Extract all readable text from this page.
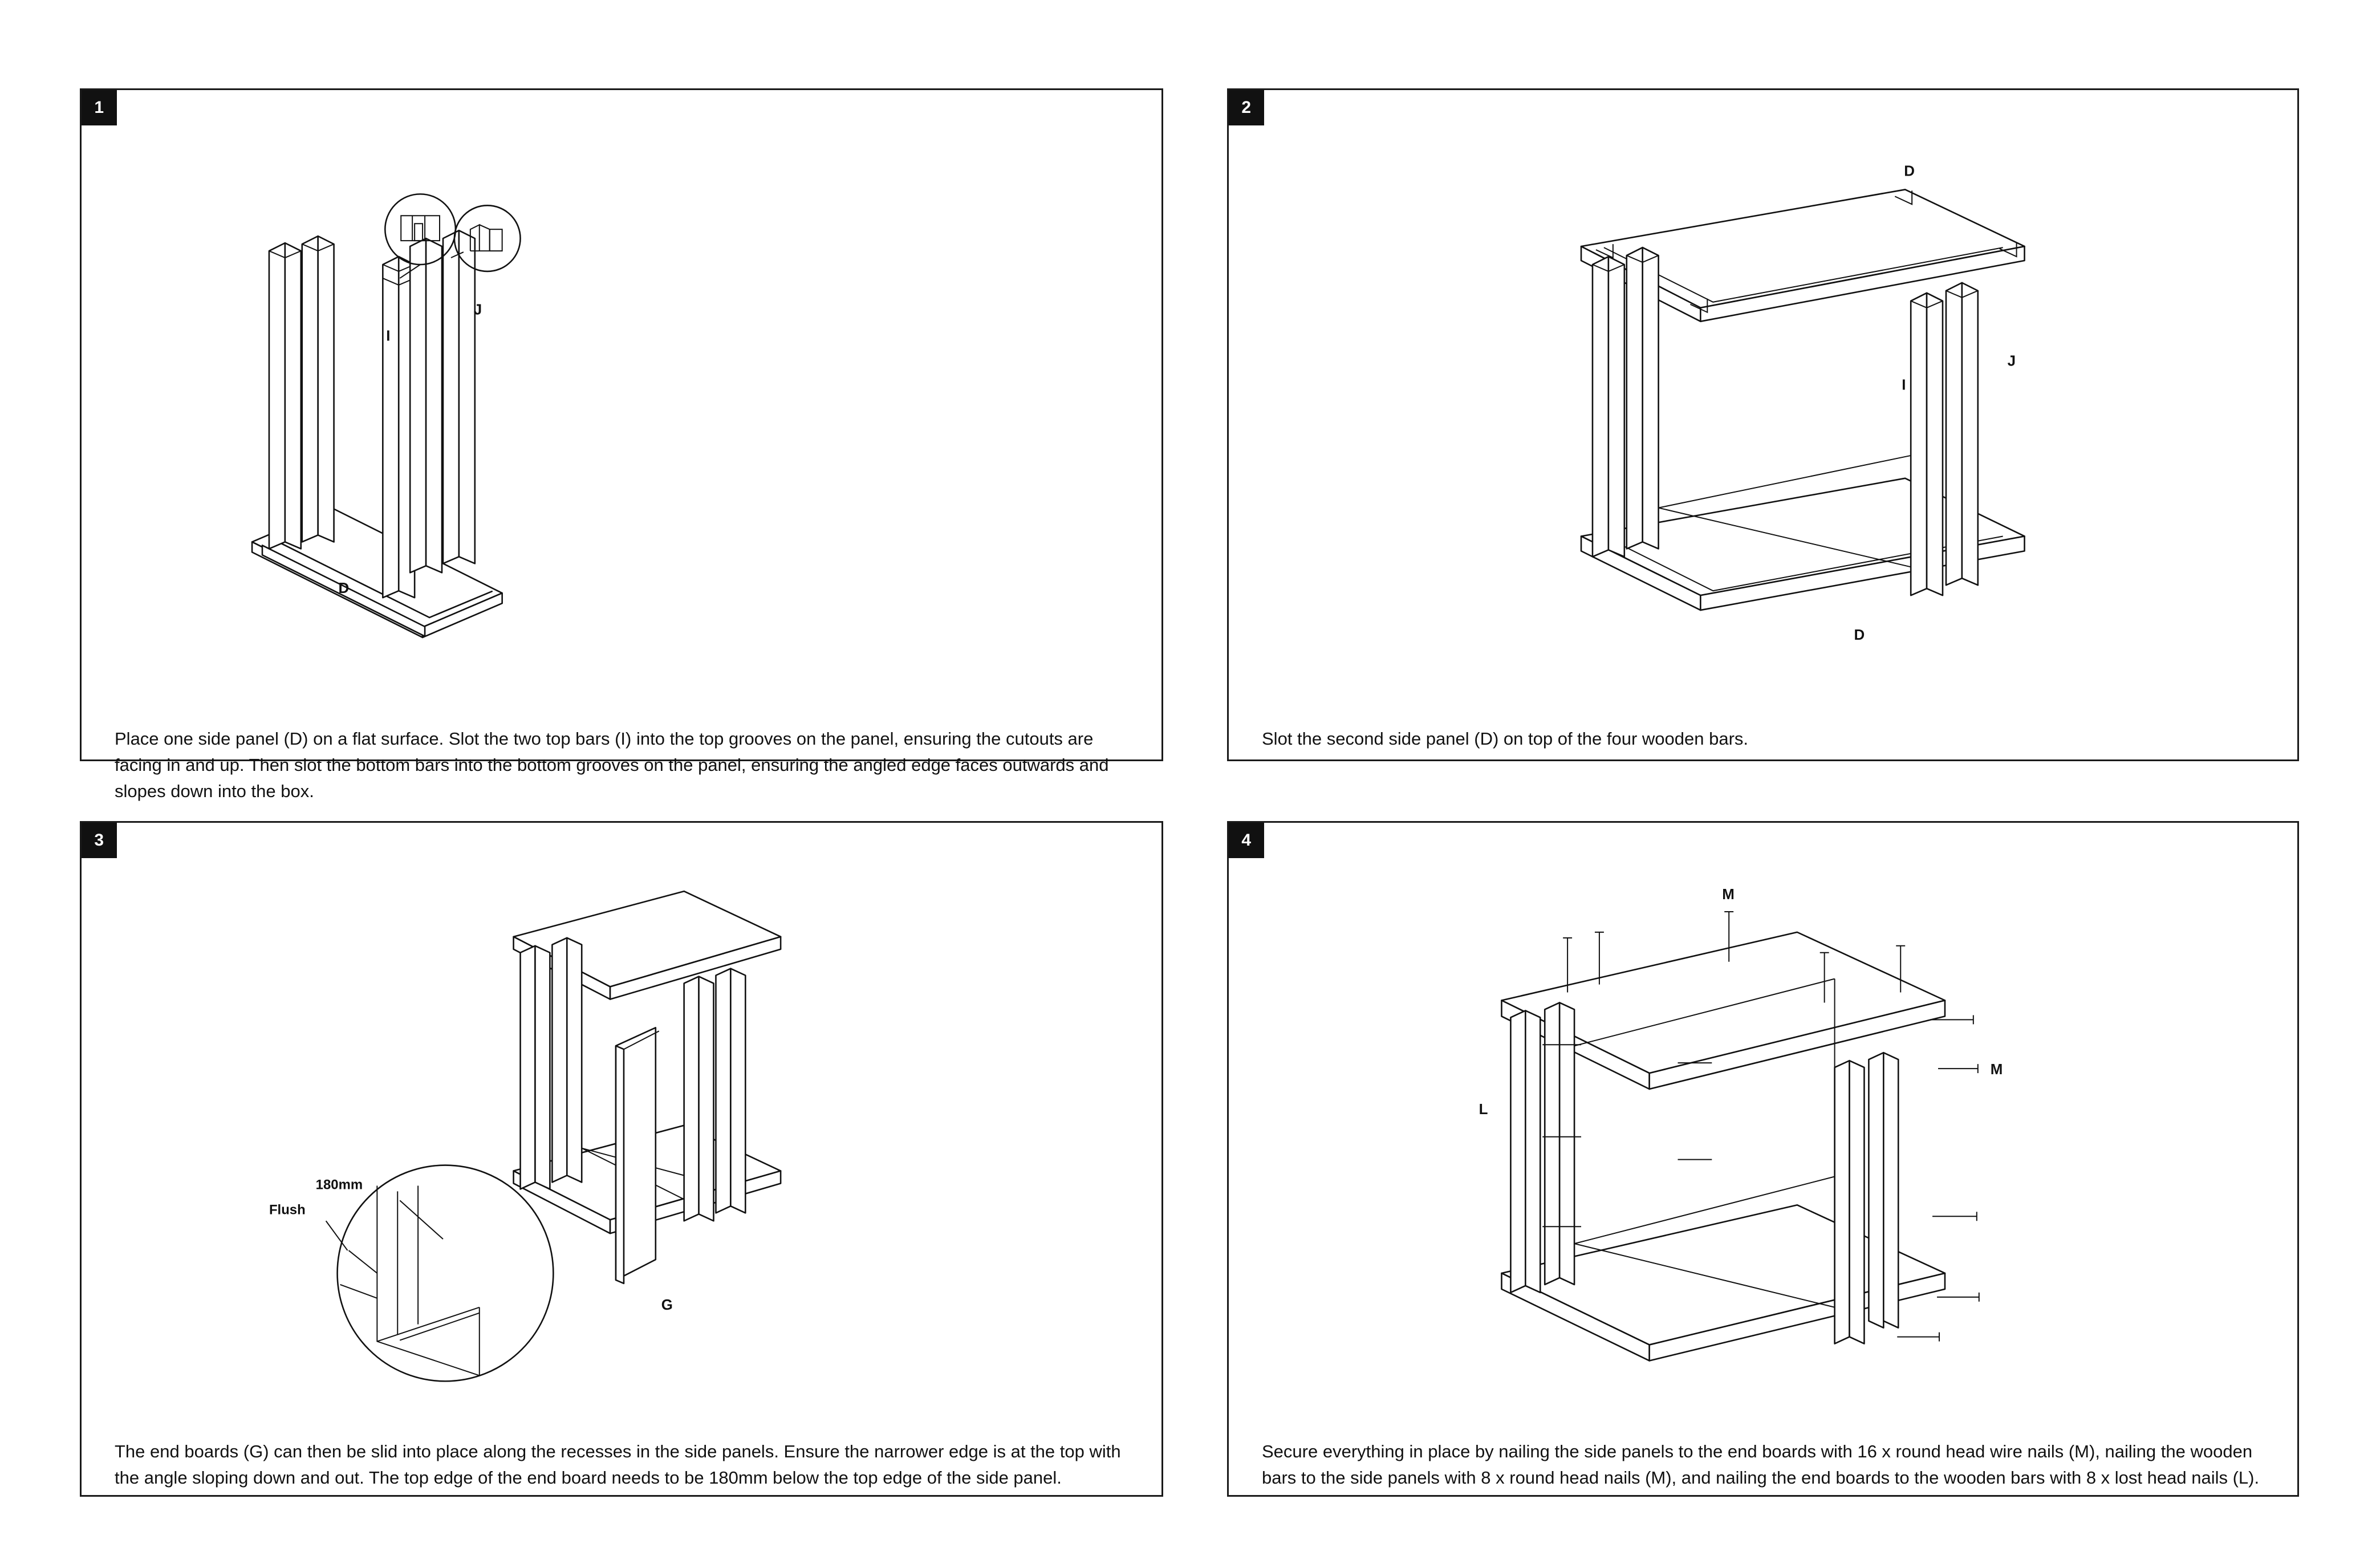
1
I
J
D
Place one side panel (D) on a flat surface. Slot the two top bars (I) into the top grooves on the panel, ensuring the cutouts are facing in and up. Then slot the bottom bars into the bottom grooves on the panel, ensuring the angled edge faces outwards and slopes down into the box.
2
D
I
J
D
Slot the second side panel (D) on top of the four wooden bars.
3
Flush
180mm
G
The end boards (G) can then be slid into place along the recesses in the side panels. Ensure the narrower edge is at the top with the angle sloping down and out. The top edge of the end board needs to be 180mm below the top edge of the side panel.
4
M
M
L
Secure everything in place by nailing the side panels to the end boards with 16 x round head wire nails (M), nailing the wooden bars to the side panels with 8 x round head nails (M), and nailing the end boards to the wooden bars with 8 x lost head nails (L).
